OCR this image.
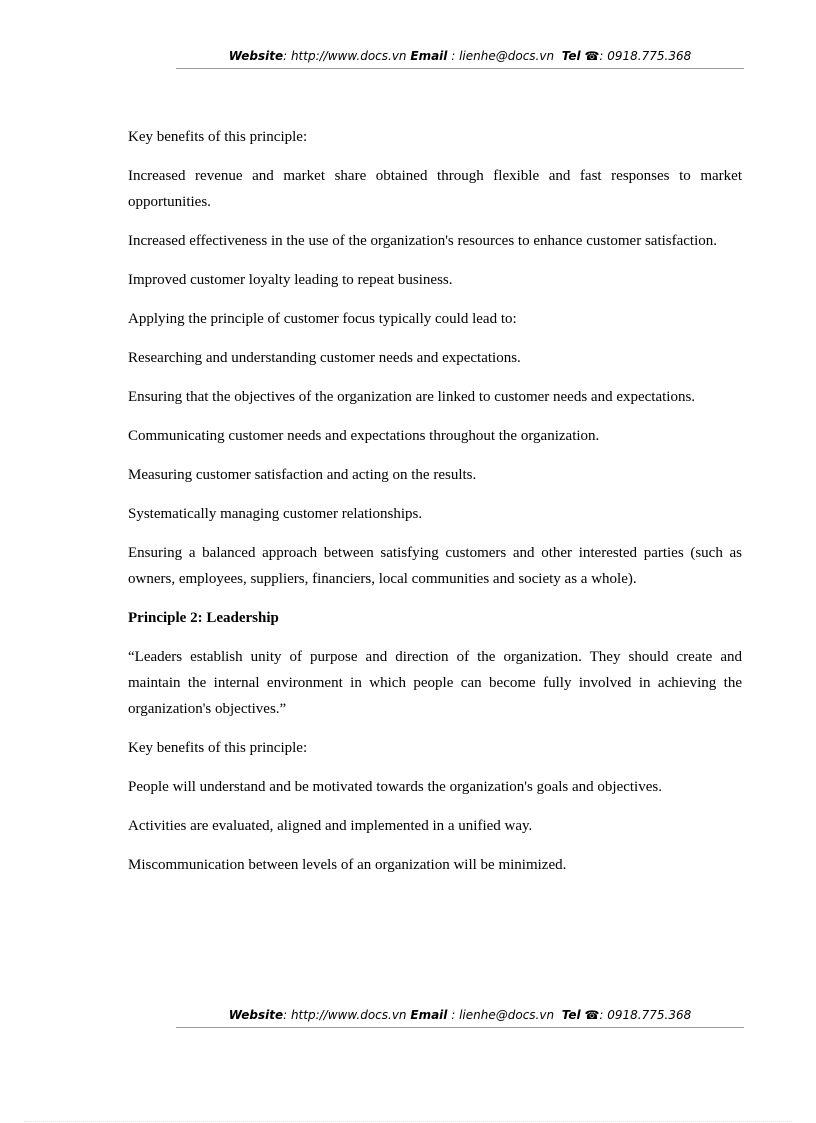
Website: http://www.docs.vn Email : lienhe@docs.vn Tel ☎: 0918.775.368

Key benefits of this principle:

Increased revenue and market share obtained through flexible and fast responses to market opportunities.

Increased effectiveness in the use of the organization's resources to enhance customer satisfaction.

Improved customer loyalty leading to repeat business.

Applying the principle of customer focus typically could lead to:

Researching and understanding customer needs and expectations.

Ensuring that the objectives of the organization are linked to customer needs and expectations.

Communicating customer needs and expectations throughout the organization.

Measuring customer satisfaction and acting on the results.

Systematically managing customer relationships.

Ensuring a balanced approach between satisfying customers and other interested parties (such as owners, employees, suppliers, financiers, local communities and society as a whole).

Principle 2: Leadership

“Leaders establish unity of purpose and direction of the organization. They should create and maintain the internal environment in which people can become fully involved in achieving the organization's objectives.”

Key benefits of this principle:

People will understand and be motivated towards the organization's goals and objectives.

Activities are evaluated, aligned and implemented in a unified way.

Miscommunication between levels of an organization will be minimized.

Website: http://www.docs.vn Email : lienhe@docs.vn Tel ☎: 0918.775.368
